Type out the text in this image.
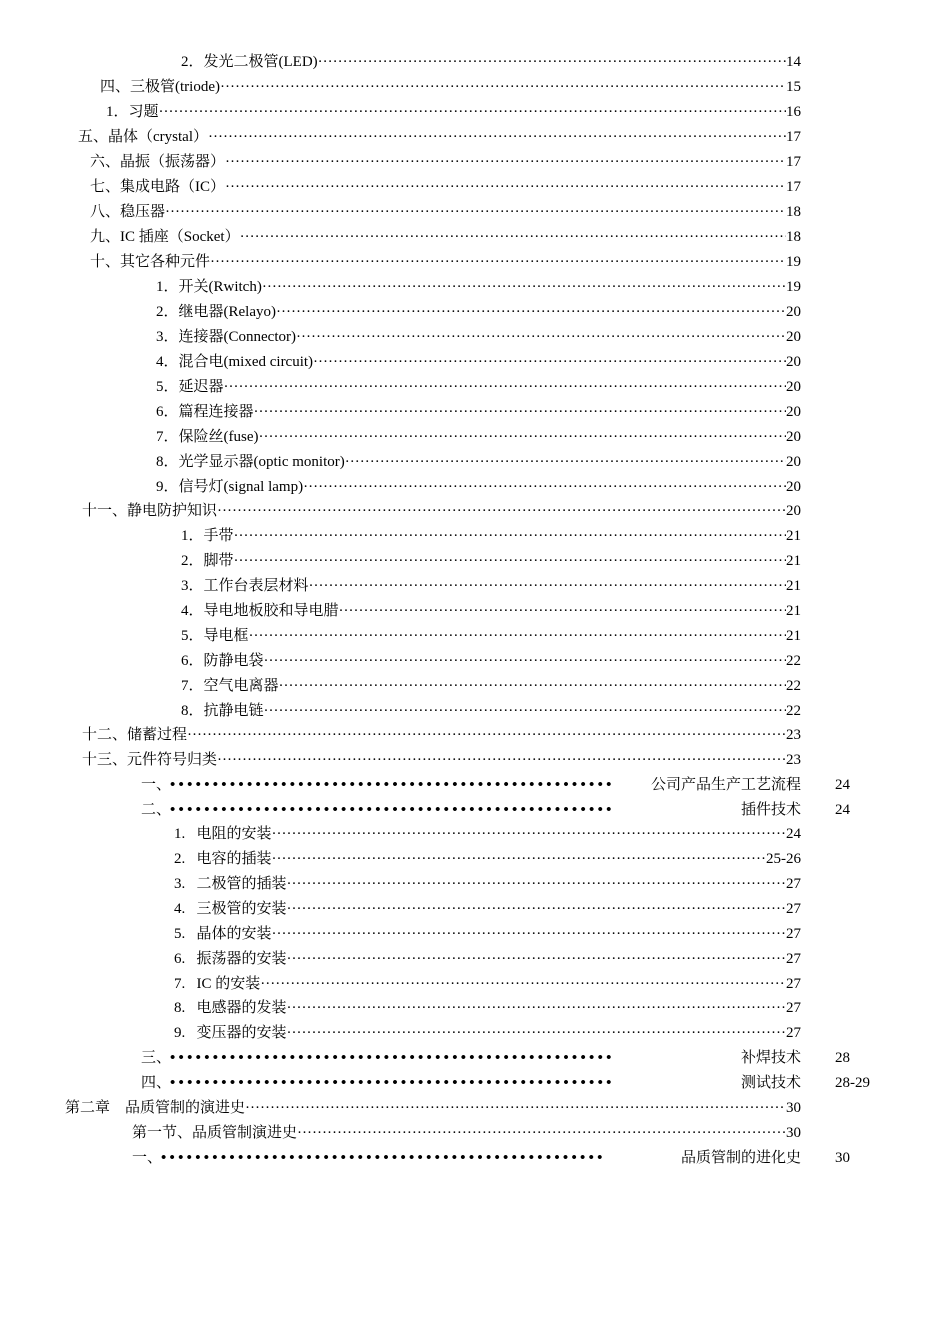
2．发光二极管(LED) ·····	14
四、三极管(triode) ·····	15
1．习题 ·····	16
五、晶体（crystal） ·····	17
六、晶振（振荡器） ·····	17
七、集成电路（IC） ·····	17
八、稳压器 ·····	18
九、IC 插座（Socket） ·····	18
十、其它各种元件 ·····	19
1．开关(Rwitch) ·····	19
2．继电器(Relayo) ·····	20
3．连接器(Connector) ·····	20
4．混合电(mixed circuit) ·····	20
5．延迟器 ·····	20
6．篇程连接器 ·····	20
7．保险丝(fuse) ·····	20
8．光学显示器(optic monitor) ·····	20
9．信号灯(signal lamp) ·····	20
十一、静电防护知识 ·····	20
1．手带 ·····	21
2．脚带 ·····	21
3．工作台表层材料 ·····	21
4．导电地板胶和导电腊 ·····	21
5．导电框 ·····	21
6．防静电袋 ·····	22
7．空气电离器 ·····	22
8．抗静电链 ·····	22
十二、储蓄过程 ·····	23
十三、元件符号归类 ·····	23
一、 •••••	公司产品生产工艺流程 24
二、 •••••	插件技术 24
1.   电阻的安装 ·····	24
2.   电容的插装 ·····	25-26
3.   二极管的插装 ·····	27
4.   三极管的安装 ·····	27
5.   晶体的安装 ·····	27
6.   振荡器的安装 ·····	27
7.   IC 的安装 ·····	27
8.   电感器的发装 ·····	27
9.   变压器的安装 ·····	27
三、 •••••	补焊技术 28
四、 •••••	测试技术 28-29
第二章    品质管制的演进史 ·····	30
第一节、品质管制演进史 ·····	30
一、 •••••	品质管制的进化史 30
